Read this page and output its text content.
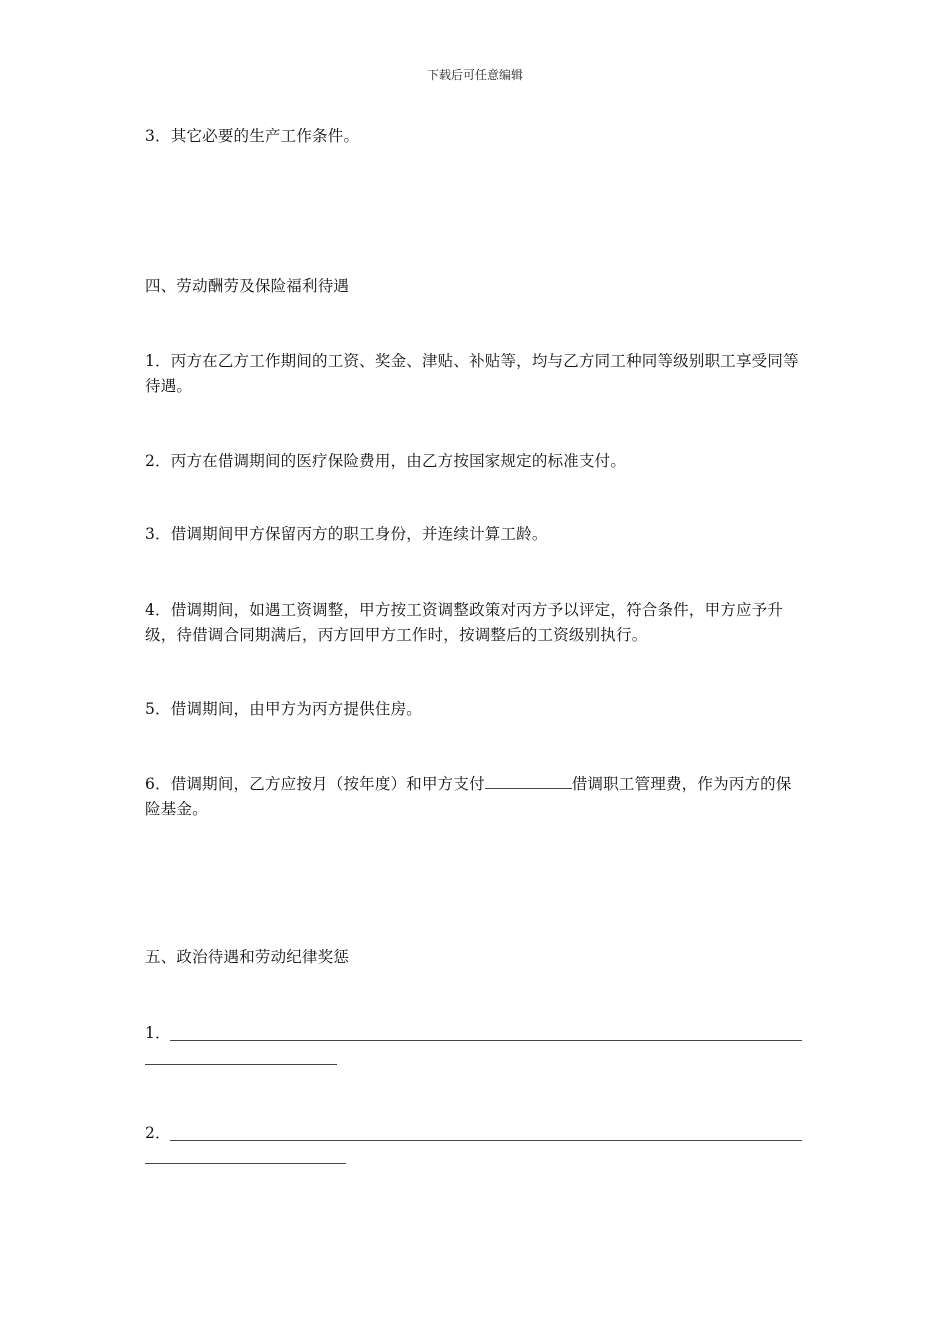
下载后可任意编辑
3．其它必要的生产工作条件。
四、劳动酬劳及保险福利待遇
1．丙方在乙方工作期间的工资、奖金、津贴、补贴等，均与乙方同工种同等级别职工享受同等待遇。
2．丙方在借调期间的医疗保险费用，由乙方按国家规定的标准支付。
3．借调期间甲方保留丙方的职工身份，并连续计算工龄。
4．借调期间，如遇工资调整，甲方按工资调整政策对丙方予以评定，符合条件，甲方应予升级，待借调合同期满后，丙方回甲方工作时，按调整后的工资级别执行。
5．借调期间，由甲方为丙方提供住房。
6．借调期间，乙方应按月（按年度）和甲方支付	借调职工管理费，作为丙方的保险基金。
五、政治待遇和劳动纪律奖惩
1．
2．
